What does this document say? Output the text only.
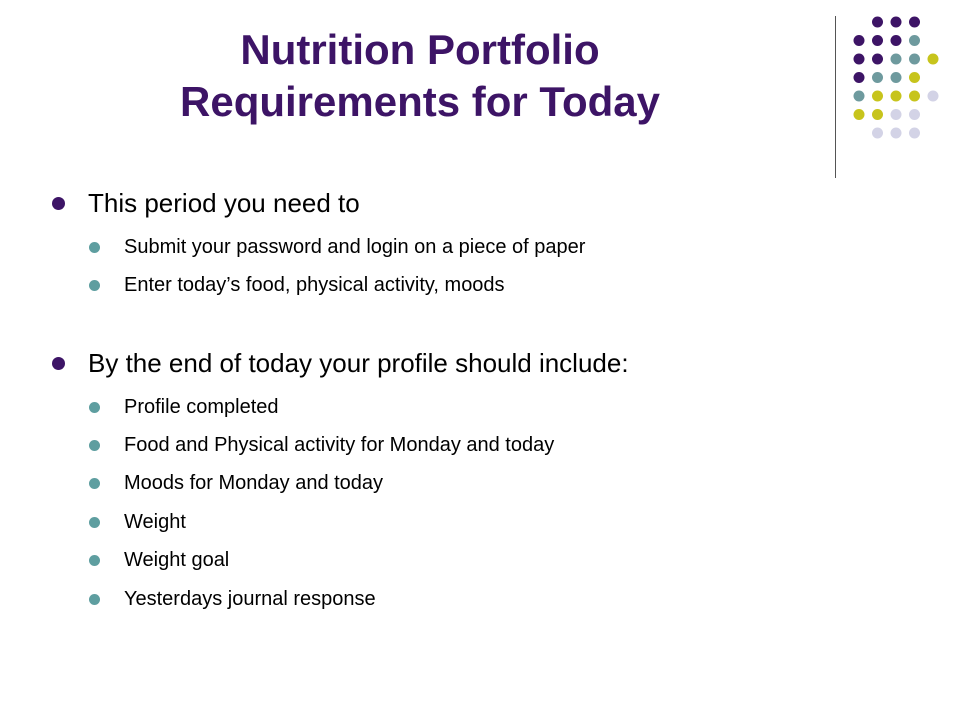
Nutrition Portfolio
Requirements for Today
This period you need to
Submit your password and login on a piece of paper
Enter today’s food, physical activity, moods
By the end of today your profile should include:
Profile completed
Food and Physical activity for Monday and today
Moods for Monday and today
Weight
Weight goal
Yesterdays journal response
